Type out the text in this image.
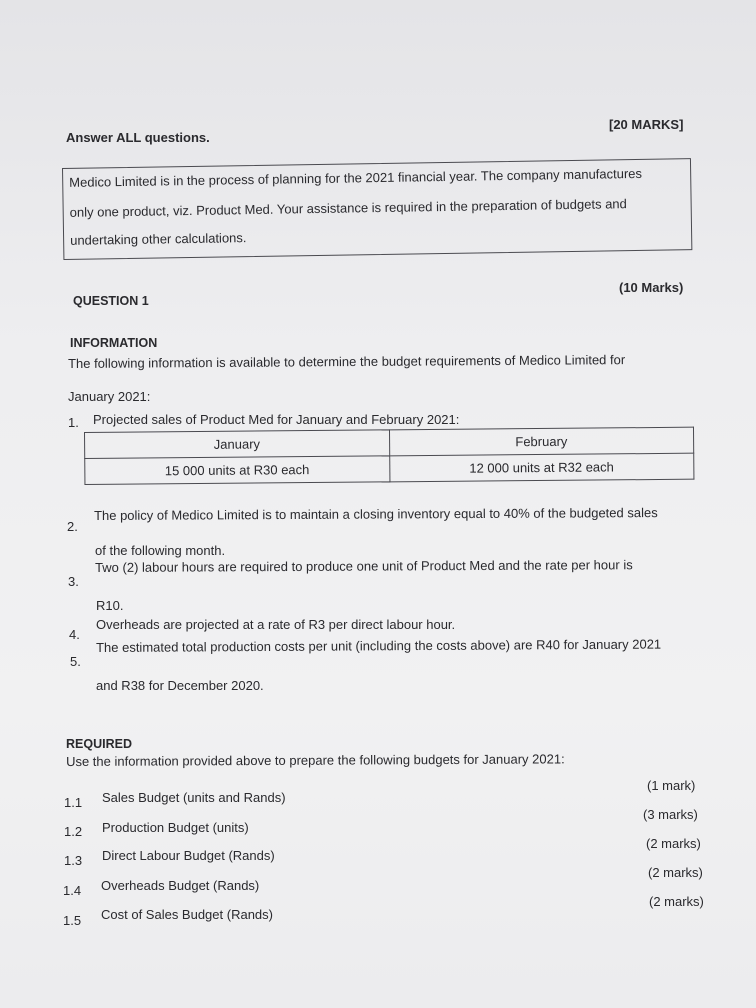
Answer ALL questions.
[20 MARKS]
Medico Limited is in the process of planning for the 2021 financial year. The company manufactures
only one product, viz. Product Med. Your assistance is required in the preparation of budgets and
undertaking other calculations.
QUESTION 1
(10 Marks)
INFORMATION
The following information is available to determine the budget requirements of Medico Limited for
January 2021:
1. Projected sales of Product Med for January and February 2021:
January	February
15 000 units at R30 each	12 000 units at R32 each
2.
The policy of Medico Limited is to maintain a closing inventory equal to 40% of the budgeted sales
of the following month.
3.
Two (2) labour hours are required to produce one unit of Product Med and the rate per hour is
R10.
4.
Overheads are projected at a rate of R3 per direct labour hour.
5.
The estimated total production costs per unit (including the costs above) are R40 for January 2021
and R38 for December 2020.
REQUIRED
Use the information provided above to prepare the following budgets for January 2021:
1.1 Sales Budget (units and Rands)
(1 mark)
1.2 Production Budget (units)
(3 marks)
1.3 Direct Labour Budget (Rands)
(2 marks)
1.4 Overheads Budget (Rands)
(2 marks)
1.5 Cost of Sales Budget (Rands)
(2 marks)
